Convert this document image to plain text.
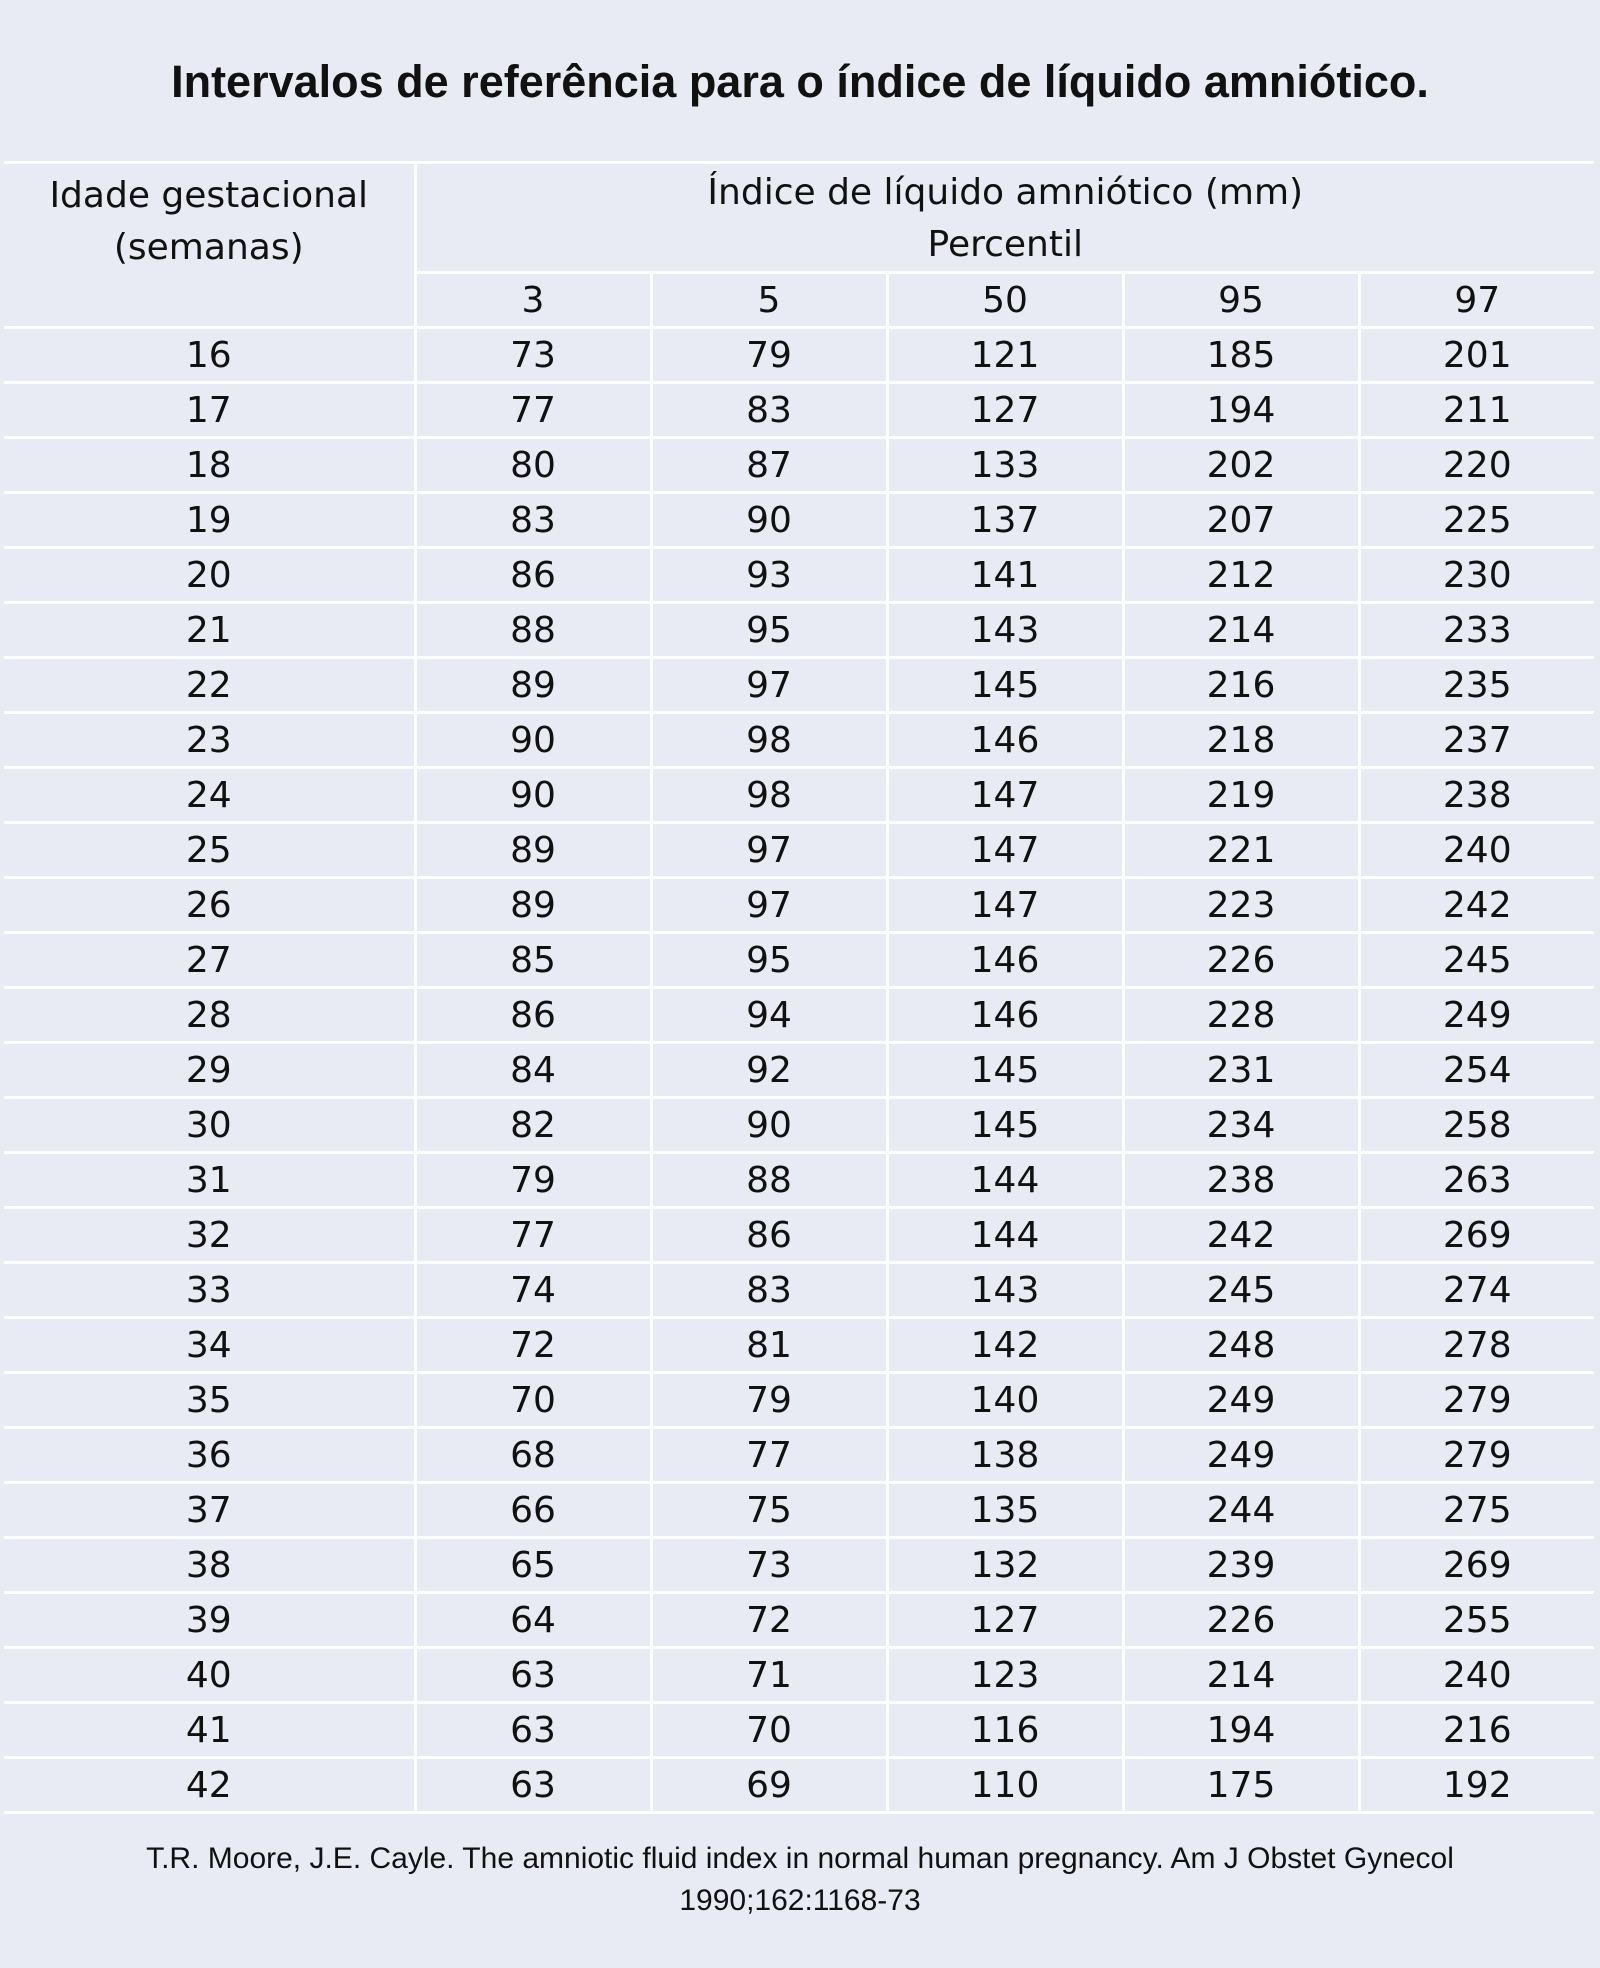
Intervalos de referência para o índice de líquido amniótico.
Idade gestacional
(semanas)	Índice de líquido amniótico (mm)
Percentil				

	3	5	50	95	97
16	73	79	121	185	201
17	77	83	127	194	211
18	80	87	133	202	220
19	83	90	137	207	225
20	86	93	141	212	230
21	88	95	143	214	233
22	89	97	145	216	235
23	90	98	146	218	237
24	90	98	147	219	238
25	89	97	147	221	240
26	89	97	147	223	242
27	85	95	146	226	245
28	86	94	146	228	249
29	84	92	145	231	254
30	82	90	145	234	258
31	79	88	144	238	263
32	77	86	144	242	269
33	74	83	143	245	274
34	72	81	142	248	278
35	70	79	140	249	279
36	68	77	138	249	279
37	66	75	135	244	275
38	65	73	132	239	269
39	64	72	127	226	255
40	63	71	123	214	240
41	63	70	116	194	216
42	63	69	110	175	192
T.R. Moore, J.E. Cayle. The amniotic fluid index in normal human pregnancy. Am J Obstet Gynecol
1990;162:1168-73
